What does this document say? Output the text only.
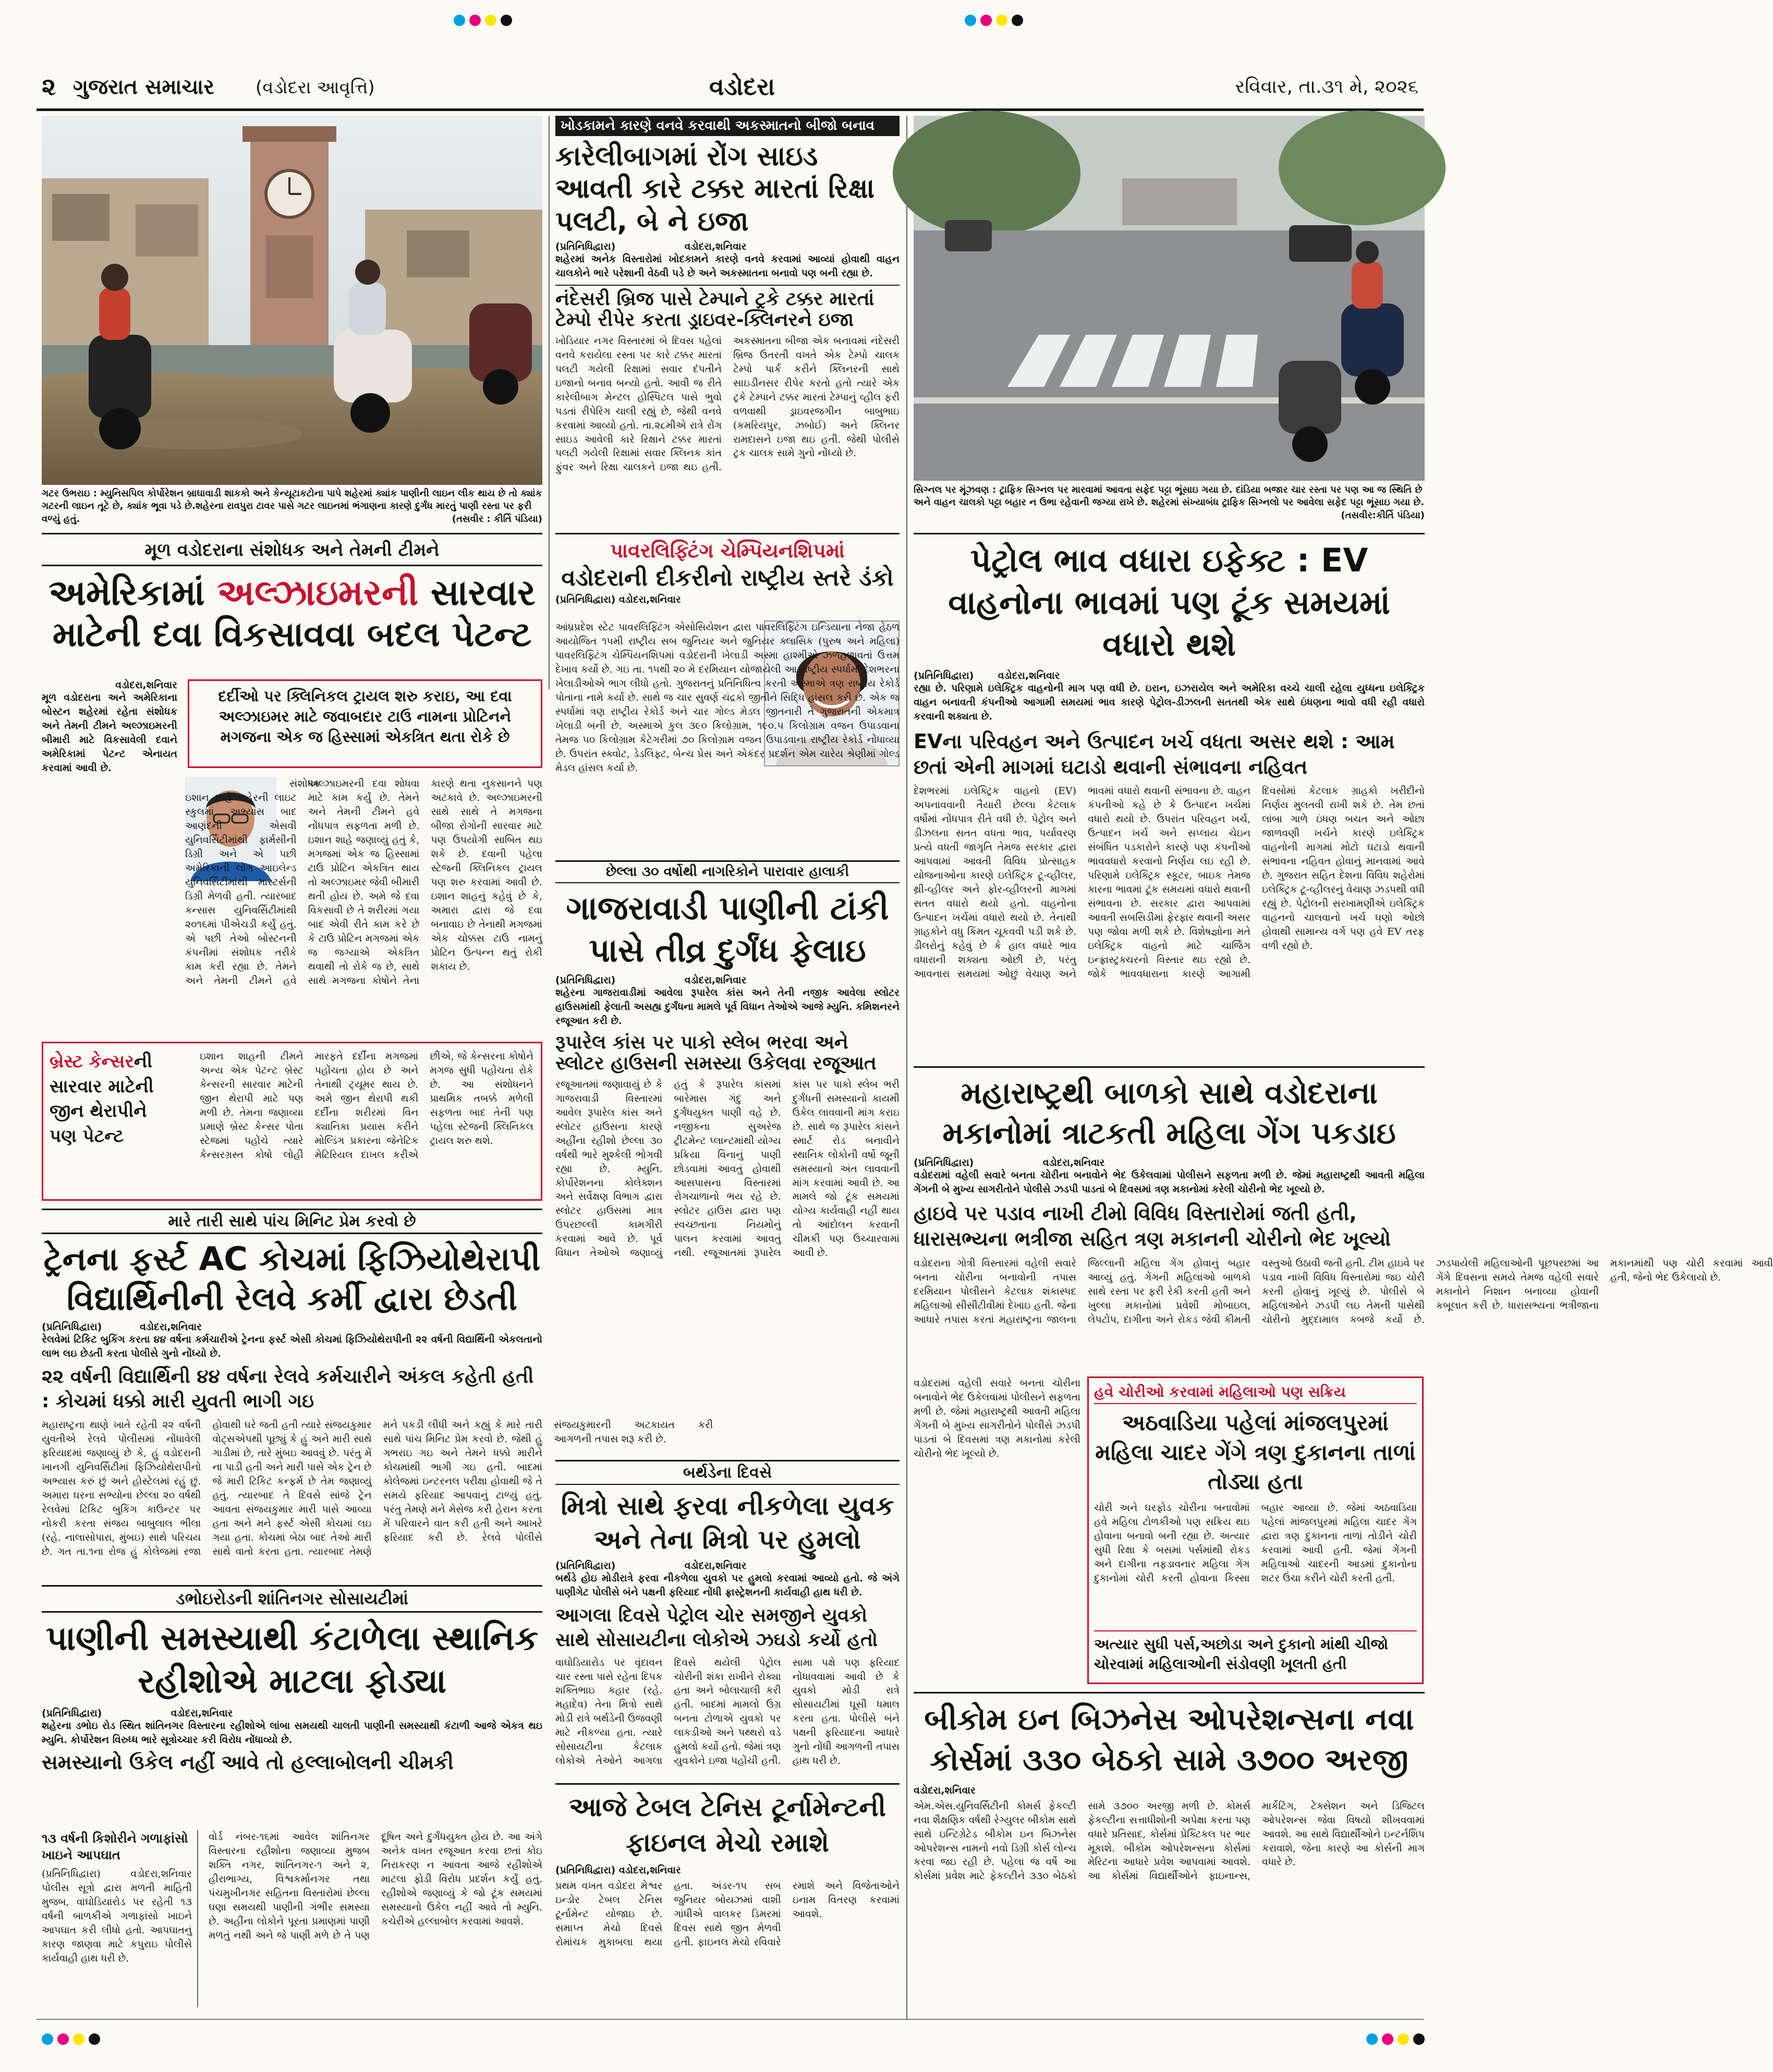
૨ ગુજરાત સમાચાર (વડોદરા આવૃત્તિ)	વડોદરા	રવિવાર, તા.૩૧ મે, ૨૦૨૬
ગટર ઉભરાઇ : મ્યુનિસપિલ કોર્પોરેશન બ્રાઘાવાડી શાકકો અને કેન્યૂટાકટોના પાપે શહેરમાં ક્યાંક પાણીની લાઇન લીક થાય છે તો ક્યાંક ગટરની લાઇન તૂટે છે, ક્યાંક ભૂવા પડે છે.શહેરના રાવપુરા ટાવર પાસે ગટર લાઇનમાં ભંગાણના કારણે દુર્ગંધ મારતું પાણી રસ્તા પર ફરી વળ્યું હતું.	(તસવીર : કીર્તિ પંડિયા)
ખોડકામને કારણે વનવે કરવાથી અકસ્માતનો બીજો બનાવ
કારેલીબાગમાં રોંગ સાઇડ આવતી કારે ટક્કર મારતાં રિક્ષા પલટી, બે ને ઇજા
(પ્રતિનિધિદ્વારા)                    વડોદરા,શનિવાર
શહેરમાં અનેક વિસ્તારોમાં ખોદકામને કારણે વનવે કરવામાં આવ્યાં હોવાથી વાહન ચાલકોને ભારે પરેશાની વેઠવી પડે છે અને અકસ્માતના બનાવો પણ બની રહ્યા છે.
નંદેસરી બ્રિજ પાસે ટેમ્પાને ટ્રકે ટક્કર મારતાં ટેમ્પો રીપેર કરતા ડ્રાઇવર-ક્લિનરને ઇજા
ખોડિયાર નગર વિસ્તારમાં બે દિવસ પહેલાં વનવે કરાયેલા રસ્તા પર કારે ટક્કર મારતાં પલટી ગયેલી રિક્ષામાં સવાર દંપતીને ઇજાનો બનાવ બન્યો હતો. આવી જ રીતે કારેલીબાગ મેન્ટલ હોસ્પિટલ પાસે ભુવો પડતાં રીપેરિંગ ચાલી રહ્યું છે, જેથી વનવે કરવામાં આવ્યો હતો. તા.૨૮મીએ રાત્રે રોંગ સાઇડ આવેલી કારે રિક્ષાને ટક્કર મારતાં પલટી ગયેલી રિક્ષામાં સવાર ક્લિનક કાંત ફુંવર અને રિક્ષા ચાલકને ઇજા થઇ હતી. અકસ્માતના બીજા એક બનાવમાં નંદેસરી બ્રિજ ઉતરતી વખતે એક ટેમ્પો ચાલક ટેમ્પો પાર્ક કરીને ક્લિનરની સાથે સાઇડીનસર રીપેર કરતો હતો ત્યારે એક ટ્રકે ટેમ્પાને ટક્કર મારતાં ટેમ્પાનું વ્હીલ ફરી વળવાથી ડ્રાઇવરજગીન બાબુભાઇ (કમરિયપુર, ઝબોઈ) અને ક્લિનર રામદાસને ઇજા થઇ હતી. જેથી પોલીસે ટ્રક ચાલક સામે ગુનો નોંધ્યો છે.
સિગ્નલ પર મૂંઝવણ : ટ્રાફિક સિગ્નલ પર મારવામાં આવતા સફેદ પટ્ટા ભૂંસાઇ ગયા છે. દાંડિયા બજાર ચાર રસ્તા પર પણ આ જ સ્થિતિ છે અને વાહન ચાલકો પટ્ટા બહાર ન ઉભા રહેવાની જગ્યા રાખે છે. શહેરમાં સંખ્યાબંધ ટ્રાફિક સિગ્નલો પર આવેલા સફેદ પટ્ટા ભૂંસાઇ ગયા છે.
(તસવીર:કીર્તિ પંડિયા)
મૂળ વડોદરાના સંશોધક અને તેમની ટીમને
અમેરિકામાં અલ્ઝાઇમરની સારવાર
માટેની દવા વિકસાવવા બદલ પેટન્ટ
વડોદરા,શનિવાર
મૂળ વડોદરાના અને અમેરિકાના બોસ્ટન શહેરમાં રહેતા સંશોધક અને તેમની ટીમને અલ્ઝાઇમરની બીમારી માટે વિકસાવેલી દવાને અમેરિકામાં પેટન્ટ એનાયત કરવામાં આવી છે.
દર્દીઓ પર ક્લિનિકલ ટ્રાયલ શરુ કરાઇ, આ દવા અલ્ઝાઇમર માટે જવાબદાર ટાઉ નામના પ્રોટિનને મગજના એક જ હિસ્સામાં એકત્રિત થતા રોકે છે
સંશોધક ઇશાન શાહે શહેરની લાઇટ સ્કુલમાં અભ્યાસ બાદ આણંદની એસવી યુનિવર્સિટીમાંથી ફાર્મસીની ડિગ્રી અને એ પછી અમેરિકાની લોંગ આઇલેન્ડ યુનિવર્સિટીમાંથી માસ્ટર્સની ડિગ્રી મેળવી હતી. ત્યારબાદ કન્સાસ યુનિવર્સિટીમાંથી ૨૦૧૬માં પીએચડી કર્યું હતું. એ પછી તેઓ બોસ્ટનની કંપનીમાં સંશોધક તરીકે કામ કરી રહ્યા છે. તેમને અને તેમની ટીમને હવે અલ્ઝાઇમરની દવા શોધવા માટે કામ કર્યું છે. તેમને અને તેમની ટીમને હવે નોંધપાત્ર સફળતા મળી છે. ઇશાન શાહે જણાવ્યું હતું કે, મગજમાં એક જ હિસ્સામાં ટાઉ પ્રોટિન એકત્રિત થાય તો અલ્ઝાઇમર જેવી બીમારી થતી હોય છે. અમે જે દવા વિકસાવી છે તે શરીરમાં ગયા બાદ એવી રીતે કામ કરે છે કે ટાઉ પ્રોટિન મગજમાં એક જ જગ્યાએ એકત્રિત થવાથી તો રોકે જ છે, સાથે સાથે મગજના કોષોને તેના કારણે થતા નુકસાનને પણ અટકાવે છે. અલ્ઝાઇમરની સાથે સાથે તે મગજના બીજા રોગોની સારવાર માટે પણ ઉપયોગી સાબિત થઇ શકે છે. દવાની પહેલા સ્ટેજની ક્લિનિકલ ટ્રાયલ પણ શરુ કરવામાં આવી છે. ઇશાન શાહનું કહેવું છે કે, અમારા દ્વારા જે દવા બનાવાઇ છે તેનાથી મગજમાં એક ચોક્કસ ટાઉ નામનું પ્રોટિન ઉત્પન્ન થતું રોકી શકાય છે.
બ્રેસ્ટ કેન્સરની
સારવાર માટેની
જીન થેરાપીને
પણ પેટન્ટ
ઇશાન શાહની ટીમને અન્ય એક પેટન્ટ બ્રેસ્ટ કેન્સરની સારવાર માટેની જીન થેરાપી માટે પણ મળી છે. તેમના જણાવ્યા પ્રમાણે બ્રેસ્ટ કેન્સર પોતા સ્ટેજમાં પહોંચે ત્યારે કેન્સરગ્રસ્ત કોષો લોહી મારફતે દર્દીના મગજમાં પહોંચતા હોય છે અને તેનાથી ટ્યૂમર થાય છે. અમે જીન થેરાપી થકી દર્દીના શરીરમાં વિન ક્યાનિકા પ્રયાસ કરીને મોલ્ડિંગ પ્રકારના જેનેટિક મેટિરિયલ દાખલ કરીએ છીએ, જે કેન્સરના કોષોને મગજ સુધી પહોંચતા રોકે છે. આ સંશોધનને પ્રાથમિક તબક્કે મળેલી સફળતા બાદ તેની પણ પહેલા સ્ટેજની ક્લિનિકલ ટ્રાયલ શરુ થશે.
મારે તારી સાથે પાંચ મિનિટ પ્રેમ કરવો છે
ટ્રેનના ફર્સ્ટ AC કોચમાં ફિઝિયોથેરાપી વિદ્યાર્થિનીની રેલવે કર્મી દ્વારા છેડતી
(પ્રતિનિધિદ્વારા)           વડોદરા,શનિવાર
રેલવેમાં ટિકિટ બુકિંગ કરતા ૪૪ વર્ષના કર્મચારીએ ટ્રેનના ફર્સ્ટ એસી કોચમાં ફિઝિયોથેરાપીની ૨૨ વર્ષની વિદ્યાર્થિની એકલતાનો લાભ લઇ છેડતી કરતા પોલીસે ગુનો નોંધ્યો છે.
૨૨ વર્ષની વિદ્યાર્થિની ૪૪ વર્ષના રેલવે કર્મચારીને અંકલ કહેતી હતી : કોચમાં ધક્કો મારી યુવતી ભાગી ગઇ
મહારાષ્ટ્રના થાણે ખાતે રહેતી ૨૨ વર્ષની યુવતીએ રેલવે પોલીસમાં નોંધાવેલી ફરિયાદમાં જણાવ્યું છે કે, હું વડોદરાની ખાનગી યુનિવર્સિટીમાં ફિઝિયોથેરાપીનો અભ્યાસ કરું છું અને હોસ્ટેલમાં રહું છું. અમારા ઘરના સભ્યોના છેલ્લા ૨૦ વર્ષથી રેલવેમાં ટિકિટ બુકિંગ કાઉન્ટર પર નોકરી કરતા સંજય બાબુલાલ ભીલા (રહે. નાલાસોપારા, મુંબઇ) સાથે પરિચય છે. ગત તા.૧ના રોજ હું કોલેજમાં રજા હોવાથી ઘરે જતી હતી ત્યારે સંજયકુમાર વોટ્સએપથી પૂછ્યું કે હું અને મારી સાથે ગાડીમાં છે, તારે મુંબઇ આવવું છે. પરંતુ મેં ના પાડી હતી અને મારી પાસે એક ટ્રેન છે જે મારી ટિકિટ કન્ફર્મ છે તેમ જણાવ્યું હતું. ત્યારબાદ તે દિવસે સાંજે ટ્રેન આવતા સંજયકુમાર મારી પાસે આવ્યા હતા અને મને ફર્સ્ટ એસી કોચમાં લઇ ગયા હતા. કોચમાં બેઠા બાદ તેઓ મારી સાથે વાતો કરતા હતા. ત્યારબાદ તેમણે મને પકડી લીધી અને કહ્યું કે મારે તારી સાથે પાંચ મિનિટ પ્રેમ કરવો છે. જેથી હું ગભરાઇ ગઇ અને તેમને ધક્કો મારીને કોચમાંથી ભાગી ગઇ હતી. બાદમાં કોલેજમાં ઇન્ટરનલ પરીક્ષા હોવાથી જે તે સમયે ફરિયાદ આપવાનું ટાળ્યું હતું. પરંતુ તેમણે મને મેસેજ કરી હેરાન કરતા મેં પરિવારને વાત કરી હતી અને આખરે ફરિયાદ કરી છે. રેલવે પોલીસે સંજયકુમારની અટકાયત કરી આગળની તપાસ શરૂ કરી છે.
ડભોઇરોડની શાંતિનગર સોસાયટીમાં
પાણીની સમસ્યાથી કંટાળેલા સ્થાનિક રહીશોએ માટલા ફોડ્યા
(પ્રતિનિધિદ્વારા)                    વડોદરા,શનિવાર
શહેરના ડભોઇ રોડ સ્થિત શાંતિનગર વિસ્તારના રહીશોએ લાંબા સમયથી ચાલતી પાણીની સમસ્યાથી કંટાળી આજે એકત્ર થઇ મ્યુનિ. કોર્પોરેશન વિરુધ્ધ ભારે સૂત્રોચ્ચાર કરી વિરોધ નોંધાવ્યો છે.
સમસ્યાનો ઉકેલ નહીં આવે તો હલ્લાબોલની ચીમકી
૧૩ વર્ષની કિશોરીને ગળાફાંસો ખાઇને આપઘાત
(પ્રતિનિધિદ્વારા) વડોદરા,શનિવાર પોલીસ સૂત્રો દ્વારા મળતી માહિતી મુજબ, વાઘોડિયારોડ પર રહેતી ૧૩ વર્ષની બાળકીએ ગળાફાંસો ખાઇને આપઘાત કરી લીધો હતો. આપઘાતનું કારણ જાણવા માટે કપુરાઇ પોલીસે કાર્યવાહી હાથ ધરી છે.
વોર્ડ નંબર-૧૬માં આવેલ શાંતિનગર વિસ્તારના રહીશોના જણાવ્યા મુજબ શક્તિ નગર, શાંતિનગર-૧ અને ૨, હીરાભાગ્ય, વિશ્વકર્માનગર તથા પંચમુખીનગર સહિતના વિસ્તારોમાં છેલ્લા ઘણા સમયથી પાણીની ગંભીર સમસ્યા છે. અહીંના લોકોને પૂરતા પ્રમાણમાં પાણી મળતું નથી અને જે પાણી મળે છે તે પણ દૂષિત અને દુર્ગંધયુક્ત હોય છે. આ અંગે અનેક વખત રજૂઆત કરવા છતાં કોઇ નિરાકરણ ન આવતા આજે રહીશોએ માટલા ફોડી વિરોધ પ્રદર્શન કર્યું હતું. રહીશોએ જણાવ્યું કે જો ટૂંક સમયમાં સમસ્યાનો ઉકેલ નહીં આવે તો મ્યુનિ. કચેરીએ હલ્લાબોલ કરવામાં આવશે.
પાવરલિફ્ટિંગ ચેમ્પિયનશિપમાં
વડોદરાની દીકરીનો રાષ્ટ્રીય સ્તરે ડંકો
(પ્રતિનિધિદ્વારા) વડોદરા,શનિવાર
આંધ્રપ્રદેશ સ્ટેટ પાવરલિફ્ટિંગ એસોસિયેશન દ્વારા પાવરલિફ્ટિંગ ઇન્ડિયાના નેજા હેઠળ આયોજિત ૧૫મી રાષ્ટ્રીય સબ જુનિયર અને જુનિયર ક્લાસિક (પુરુષ અને મહિલા) પાવરલિફ્ટિંગ ચેમ્પિયનશિપમાં વડોદરાની ખેલાડી અસ્મા હાશ્મીએ ઝળહળાવતાં ઉત્તમ દેખાવ કર્યો છે. ગઇ તા. ૧૫થી ૨૦ મે દરમિયાન યોજાયેલી આ રાષ્ટ્રીય સ્પર્ધામાં દેશભરના ખેલાડીઓએ ભાગ લીધો હતો. ગુજરાતનું પ્રતિનિધિત્વ કરતી અસ્માએ ત્રણ રાષ્ટ્રીય રેકોર્ડ પોતાના નામે કર્યા છે. સાથે જ ચાર સુવર્ણ ચંદ્રકો જીતીને સિદ્ધિ હાંસલ કરી છે. એક જ સ્પર્ધામાં ત્રણ રાષ્ટ્રીય રેકોર્ડ અને ચાર ગોલ્ડ મેડલ જીતનારી તે ગુજરાતની એકમાત્ર ખેલાડી બની છે. અસ્માએ કુલ ૩૯૦ કિલોગ્રામ, ૧૯૦.૫ કિલોગ્રામ વજન ઉપાડવાના તેમજ ૫૦ કિલોગ્રામ કેટેગરીમાં ૭૦ કિલોગ્રામ વજન ઉપાડવાના રાષ્ટ્રીય રેકોર્ડ નોંધાવ્યા છે. ઉપરાંત સ્ક્વોટ, ડેડલિફ્ટ, બેન્ચ પ્રેસ અને એકંદર પ્રદર્શન એમ ચારેય શ્રેણીમાં ગોલ્ડ મેડલ હાંસલ કર્યા છે.
છેલ્લા ૩૦ વર્ષોથી નાગરિકોને પારાવાર હાલાકી
ગાજરાવાડી પાણીની ટાંકી પાસે તીવ્ર દુર્ગંધ ફેલાઇ
(પ્રતિનિધિદ્વારા)                    વડોદરા,શનિવાર
શહેરના ગાજરાવાડીમાં આવેલા રૂપારેલ કાંસ અને તેની નજીક આવેલા સ્લોટર હાઉસમાંથી ફેલાતી અસહ્ય દુર્ગંધના મામલે પૂર્વ વિધાન તેઓએ આજે મ્યુનિ. કમિશનરને રજૂઆત કરી છે.
રૂપારેલ કાંસ પર પાકો સ્લેબ ભરવા અને સ્લોટર હાઉસની સમસ્યા ઉકેલવા રજૂઆત
રજૂઆતમાં જણાવાયું છે કે ગાજરાવાડી વિસ્તારમાં આવેલ રૂપારેલ કાંસ અને સ્લોટર હાઉસના કારણે અહીંના રહીશો છેલ્લા ૩૦ વર્ષથી ભારે મુશ્કેલી ભોગવી રહ્યા છે. મ્યુનિ. કોર્પોરેશનના કોલેક્શન અને સર્વેક્ષણ વિભાગ દ્વારા સ્લોટર હાઉસમાં માત્ર ઉપરછલ્લી કામગીરી કરવામાં આવે છે. પૂર્વ વિધાન તેઓએ જણાવ્યું હતું કે રૂપારેલ કાંસમાં બારેમાસ ગંદુ અને દુર્ગંધયુક્ત પાણી વહે છે. નજીકના સુઅરેજ ટ્રીટમેન્ટ પ્લાન્ટમાંથી યોગ્ય પ્રક્રિયા વિનાનું પાણી છોડવામાં આવતું હોવાથી આસપાસના વિસ્તારમાં રોગચાળાનો ભય રહે છે. સ્લોટર હાઉસ દ્વારા પણ સ્વચ્છતાના નિયમોનું પાલન કરવામાં આવતું નથી. રજૂઆતમાં રૂપારેલ કાંસ પર પાકો સ્લેબ ભરી દુર્ગંધની સમસ્યાનો કાયમી ઉકેલ લાવવાની માંગ કરાઇ છે. સાથે જ રૂપારેલ કાંસને સ્માર્ટ રોડ બનાવીને સ્થાનિક લોકોની વર્ષો જૂની સમસ્યાનો અંત લાવવાની માંગ કરવામાં આવી છે. આ મામલે જો ટૂંક સમયમાં યોગ્ય કાર્યવાહી નહીં થાય તો આંદોલન કરવાની ચીમકી પણ ઉચ્ચારવામાં આવી છે.
બર્થડેના દિવસે
મિત્રો સાથે ફરવા નીકળેલા યુવક અને તેના મિત્રો પર હુમલો
(પ્રતિનિધિદ્વારા)                    વડોદરા,શનિવાર
બર્થડે હોઇ મોડીરાત્રે ફરવા નીકળેલા યુવકો પર હુમલો કરવામાં આવ્યો હતો. જે અંગે પાણીગેટ પોલીસે બંને પક્ષની ફરિયાદ નોંધી ફ્રાસ્ટ્રેશનની કાર્યવાહી હાથ ધરી છે.
આગલા દિવસે પેટ્રોલ ચોર સમજીને યુવકો સાથે સોસાયટીના લોકોએ ઝઘડો કર્યો હતો
વાઘોડિયારોડ પર વૃંદાવન ચાર રસ્તા પાસે રહેતા દિપક શક્તિભાઇ કહાર (રહે. મહાદેવ) તેના મિત્રો સાથે મોડી રાત્રે બર્થડેની ઉજવણી માટે નીકળ્યા હતા. ત્યારે સોસાયટીના કેટલાક લોકોએ તેઓને આગલા દિવસે થયેલી પેટ્રોલ ચોરીની શંકા રાખીને રોક્યા હતા અને બોલાચાલી કરી હતી. બાદમાં મામલો ઉગ્ર બનતા ટોળાએ યુવકો પર લાકડીઓ અને પથ્થરો વડે હુમલો કર્યો હતો. જેમાં ત્રણ યુવકોને ઇજા પહોંચી હતી. સામા પક્ષે પણ ફરિયાદ નોંધાવવામાં આવી છે કે યુવકો મોડી રાત્રે સોસાયટીમાં ઘૂસી ધમાલ કરતા હતા. પોલીસે બંને પક્ષની ફરિયાદના આધારે ગુનો નોંધી આગળની તપાસ હાથ ધરી છે.
આજે ટેબલ ટેનિસ ટૂર્નામેન્ટની ફાઇનલ મેચો રમાશે
(પ્રતિનિધિદ્વારા) વડોદરા,શનિવાર
પ્રથમ વખત વડોદરા મેશ્વર ઇન્ડોર ટેબલ ટેનિસ ટૂર્નામેન્ટ યોજાઇ છે. સમાપ્ત મેચો દિવસે રોમાંચક મુકાબલા થયા હતા. અંડર-૧૫ સબ જુનિયર બોયઝમાં વાશી ગાંધીએ વાલકર ડિમરમાં દિવસ સાથે જીત મેળવી હતી. ફાઇનલ મેચો રવિવારે રમાશે અને વિજેતાઓને ઇનામ વિતરણ કરવામાં આવશે.
પેટ્રોલ ભાવ વધારા ઇફેક્ટ : EV વાહનોના ભાવમાં પણ ટૂંક સમયમાં વધારો થશે
(પ્રતિનિધિદ્વારા)       વડોદરા,શનિવાર
રહ્યા છે. પરિણામે ઇલેક્ટ્રિક વાહનોની માગ પણ વધી છે. ઇરાન, ઇઝરાયેલ અને અમેરિકા વચ્ચે ચાલી રહેલા યુધ્ધના ઇલેક્ટ્રિક વાહન બનાવતી કંપનીઓ આગામી સમયમાં ભાવ કારણે પેટ્રોલ-ડીઝલની સતતથી એક સાથે ઇંધણના ભાવો વધી રહી વધારો કરવાની શક્યતા છે.
EVના પરિવહન અને ઉત્પાદન ખર્ચ વધતા અસર થશે : આમ છતાં એની માગમાં ઘટાડો થવાની સંભાવના નહિવત
દેશભરમાં ઇલેક્ટ્રિક વાહનો (EV) અપનાવવાની તૈયારી છેલ્લા કેટલાક વર્ષોમાં નોંધપાત્ર રીતે વધી છે. પેટ્રોલ અને ડીઝલના સતત વધતા ભાવ, પર્યાવરણ પ્રત્યે વધતી જાગૃતિ તેમજ સરકાર દ્વારા આપવામાં આવતી વિવિધ પ્રોત્સાહક યોજનાઓના કારણે ઇલેક્ટ્રિક ટૂ-વ્હીલર, થ્રી-વ્હીલર અને ફોર-વ્હીલરની માગમાં સતત વધારો થયો હતો. વાહનોના ઉત્પાદન ખર્ચમાં વધારો થયો છે. તેનાથી ગ્રાહકોને વધુ કિંમત ચૂકવવી પડી શકે છે. ડીલરોનું કહેવું છે કે હાલ વધારે ભાવ વધારાની શક્યતા ઓછી છે, પરંતુ આવનારા સમયમાં ઓછું વેચાણ અને ભાવમાં વધારો થવાની સંભાવના છે. વાહન કંપનીઓ કહે છે કે ઉત્પાદન ખર્ચમાં વધારો થયો છે. ઉપરાંત પરિવહન ખર્ચ, ઉત્પાદન ખર્ચ અને સપ્લાય ચેઇન સંબંધિત પડકારોને કારણે પણ કંપનીઓ ભાવવધારો કરવાનો નિર્ણય લઇ રહી છે. પરિણામે ઇલેક્ટ્રિક સ્કૂટર, બાઇક તેમજ કારના ભાવમાં ટૂંક સમયમાં વધારો થવાની સંભાવના છે. સરકાર દ્વારા આપવામાં આવતી સબસિડીમાં ફેરફાર થવાની અસર પણ જોવા મળી શકે છે. વિશેષજ્ઞોના મતે ઇલેક્ટ્રિક વાહનો માટે ચાર્જિંગ ઇન્ફ્રાસ્ટ્રક્ચરનો વિસ્તાર થઇ રહ્યો છે. જોકે ભાવવધારાના કારણે આગામી દિવસોમાં કેટલાક ગ્રાહકો ખરીદીનો નિર્ણય મુલતવી રાખી શકે છે. તેમ છતાં લાંબા ગાળે ઇંધણ બચત અને ઓછા જાળવણી ખર્ચને કારણે ઇલેક્ટ્રિક વાહનોની માગમાં મોટો ઘટાડો થવાની સંભાવના નહિવત હોવાનું માનવામાં આવે છે. ગુજરાત સહિત દેશના વિવિધ શહેરોમાં ઇલેક્ટ્રિક ટૂ-વ્હીલરનું વેચાણ ઝડપથી વધી રહ્યું છે. પેટ્રોલની સરખામણીએ ઇલેક્ટ્રિક વાહનનો ચાલવાનો ખર્ચ ઘણો ઓછો હોવાથી સામાન્ય વર્ગ પણ હવે EV તરફ વળી રહ્યો છે.
મહારાષ્ટ્રથી બાળકો સાથે વડોદરાના મકાનોમાં ત્રાટકતી મહિલા ગેંગ પકડાઇ
(પ્રતિનિધિદ્વારા)                    વડોદરા,શનિવાર
વડોદરામાં વહેલી સવારે બનતા ચોરીના બનાવોને ભેદ ઉકેલવામાં પોલીસને સફળતા મળી છે. જેમાં મહારાષ્ટ્રથી આવતી મહિલા ગેંગની બે મુખ્ય સાગરીતોને પોલીસે ઝડપી પાડતાં બે દિવસમાં ત્રણ મકાનોમાં કરેલી ચોરીનો ભેદ ખૂલ્યો છે.
હાઇવે પર પડાવ નાખી ટીમો વિવિધ વિસ્તારોમાં જતી હતી, ધારાસભ્યના ભત્રીજા સહિત ત્રણ મકાનની ચોરીનો ભેદ ખૂલ્યો
વડોદરાના ગોત્રી વિસ્તારમાં વહેલી સવારે બનતા ચોરીના બનાવોની તપાસ દરમિયાન પોલીસને કેટલાક શંકાસ્પદ મહિલાઓ સીસીટીવીમાં દેખાઇ હતી. જેના આધારે તપાસ કરતાં મહારાષ્ટ્રના જાલના જિલ્લાની મહિલા ગેંગ હોવાનું બહાર આવ્યું હતું. ગેંગની મહિલાઓ બાળકો સાથે રસ્તા પર ફરી રેકી કરતી હતી અને ખુલ્લા મકાનોમાં પ્રવેશી મોબાઇલ, લેપટોપ, દાગીના અને રોકડ જેવી કીમતી વસ્તુઓ ઉઠાવી જતી હતી. ટીમ હાઇવે પર પડાવ નાખી વિવિધ વિસ્તારોમાં જઇ ચોરી કરતી હોવાનું ખૂલ્યું છે. પોલીસે બે મહિલાઓને ઝડપી લઇ તેમની પાસેથી ચોરીનો મુદ્દામાલ કબજે કર્યો છે. ઝડપાયેલી મહિલાઓની પૂછપરછમાં આ ગેંગે દિવસના સમયે તેમજ વહેલી સવારે મકાનોને નિશાન બનાવ્યા હોવાની કબૂલાત કરી છે. ધારાસભ્યના ભત્રીજાના મકાનમાંથી પણ ચોરી કરવામાં આવી હતી, જેનો ભેદ ઉકેલાયો છે.
વડોદરામાં વહેલી સવારે બનતા ચોરીના બનાવોને ભેદ ઉકેલવામાં પોલીસને સફળતા મળી છે. જેમાં મહારાષ્ટ્રથી આવતી મહિલા ગેંગની બે મુખ્ય સાગરીતોને પોલીસે ઝડપી પાડતાં બે દિવસમાં ત્રણ મકાનોમાં કરેલી ચોરીનો ભેદ ખૂલ્યો છે.
હવે ચોરીઓ કરવામાં મહિલાઓ પણ સક્રિય
અઠવાડિયા પહેલાં માંજલપુરમાં મહિલા ચાદર ગેંગે ત્રણ દુકાનના તાળાં તોડ્યા હતા
ચોરી અને ઘરફોડ ચોરીના બનાવોમાં હવે મહિલા ટોળકીઓ પણ સક્રિય થઇ હોવાના બનાવો બની રહ્યા છે. અત્યાર સુધી રિક્ષા કે બસમાં પર્સમાંથી રોકડ અને દાગીના તફડાવનાર મહિલા ગેંગ દુકાનોમાં ચોરી કરતી હોવાના કિસ્સા બહાર આવ્યા છે. જેમાં અઠવાડિયા પહેલાં માંજલપુરમાં મહિલા ચાદર ગેંગ દ્વારા ત્રણ દુકાનના તાળાં તોડીને ચોરી કરવામાં આવી હતી. જેમાં ગેંગની મહિલાઓ ચાદરની આડમાં દુકાનોના શટર ઉંચા કરીને ચોરી કરતી હતી.
અત્યાર સુધી પર્સ,અછોડા અને દુકાનો માંથી ચીજો ચોરવામાં મહિલાઓની સંડોવણી ખૂલતી હતી
બીકોમ ઇન બિઝનેસ ઓપરેશન્સના નવા કોર્સમાં ૩૩૦ બેઠકો સામે ૩૭૦૦ અરજી
વડોદરા,શનિવાર
એમ.એસ.યુનિવર્સિટીની કોમર્સ ફેકલ્ટી નવા શૈક્ષણિક વર્ષથી રેગ્યુલર બીકોમ સાથે સાથે ઇન્ટિગ્રેટેડ બીકોમ ઇન બિઝનેસ ઓપરેશન્સ નામનો નવો ડિગ્રી કોર્સ લોન્ચ કરવા જઇ રહી છે. પહેલા જ વર્ષે આ કોર્સમાં પ્રવેશ માટે ફેકલ્ટીને ૩૩૦ બેઠકો સામે ૩૭૦૦ અરજી મળી છે. કોમર્સ ફેકલ્ટીના સત્તાધીશોની અપેક્ષા કરતા પણ વધારે પ્રતિસાદ, કોર્સમાં પ્રેક્ટિકલ પર ભાર મૂકાશે. બીકોમ ઓપરેશન્સના કોર્સમાં મેરિટના આધારે પ્રવેશ આપવામાં આવશે. આ કોર્સમાં વિદ્યાર્થીઓને ફાઇનાન્સ, માર્કેટિંગ, ટેક્સેશન અને ડિજિટલ ઓપરેશન્સ જેવા વિષયો શીખવવામાં આવશે. આ સાથે વિદ્યાર્થીઓને ઇન્ટર્નશિપ કરાવાશે, જેના કારણે આ કોર્સની માગ વધારે છે.
